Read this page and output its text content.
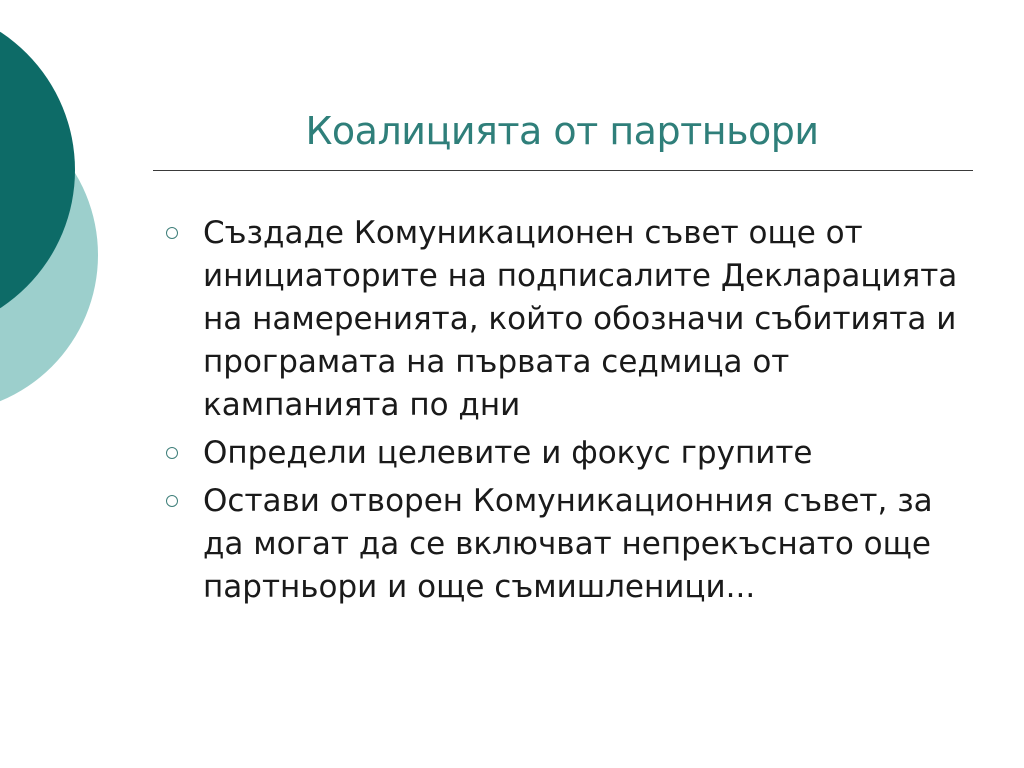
Коалицията от партньори
Създаде Комуникационен съвет още от инициаторите на подписалите Декларацията на намеренията, който обозначи събитията и програмата на първата седмица от кампанията по дни
Определи целевите и фокус групите
Остави отворен Комуникационния съвет, за да могат да се включват непрекъснато още партньори и още съмишленици...
